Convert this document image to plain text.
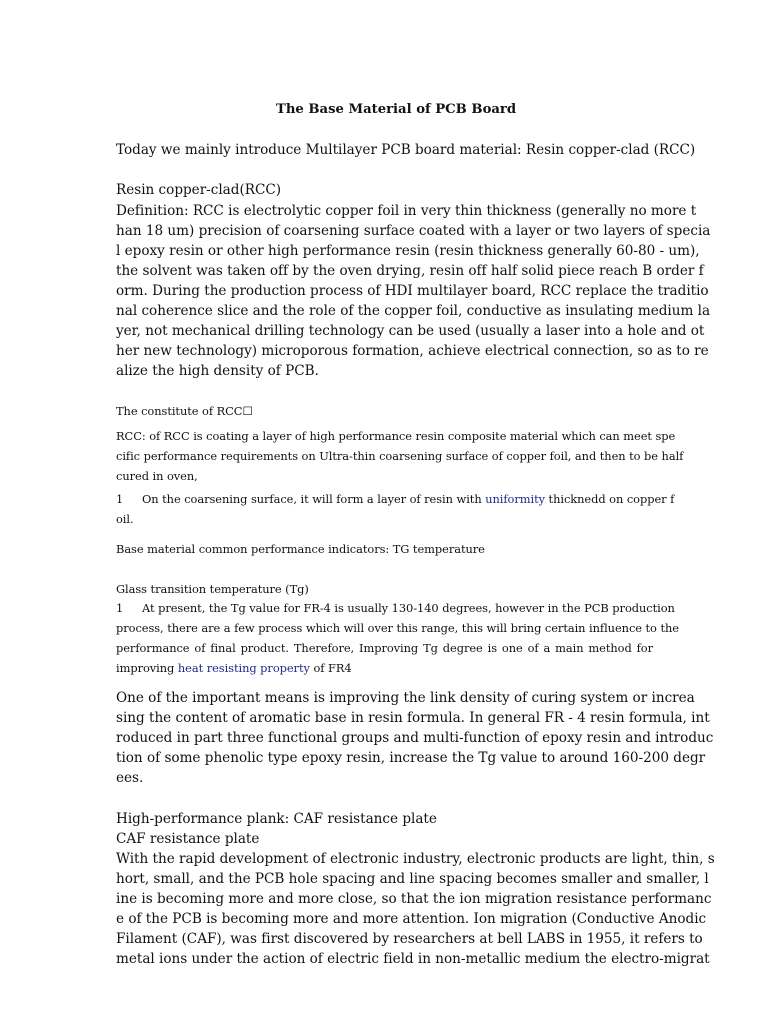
The Base Material of PCB Board
Today we mainly introduce Multilayer PCB board material: Resin copper-clad (RCC)
Resin copper-clad(RCC)
Definition: RCC is electrolytic copper foil in very thin thickness (generally no more t
han 18 um) precision of coarsening surface coated with a layer or two layers of specia
l epoxy resin or other high performance resin (resin thickness generally 60-80 - um),
the solvent was taken off by the oven drying, resin off half solid piece reach B order f
orm. During the production process of HDI multilayer board, RCC replace the traditio
nal coherence slice and the role of the copper foil, conductive as insulating medium la
yer, not mechanical drilling technology can be used (usually a laser into a hole and ot
her new technology) microporous formation, achieve electrical connection, so as to re
alize the high density of PCB.
The constitute of RCC☐
RCC: of RCC is coating a layer of high performance resin composite material which can meet spe
cific performance requirements on Ultra-thin coarsening surface of copper foil, and then to be half
cured in oven,
1 On the coarsening surface, it will form a layer of resin with uniformity thicknedd on copper f
oil.
Base material common performance indicators: TG temperature
Glass transition temperature (Tg)
1 At present, the Tg value for FR-4 is usually 130-140 degrees, however in the PCB production
process, there are a few process which will over this range, this will bring certain influence to the
performance of final product. Therefore, Improving Tg degree is one of a main method for
improving heat resisting property of FR4
One of the important means is improving the link density of curing system or increa
sing the content of aromatic base in resin formula. In general FR - 4 resin formula, int
roduced in part three functional groups and multi-function of epoxy resin and introduc
tion of some phenolic type epoxy resin, increase the Tg value to around 160-200 degr
ees.
High-performance plank: CAF resistance plate
CAF resistance plate
With the rapid development of electronic industry, electronic products are light, thin, s
hort, small, and the PCB hole spacing and line spacing becomes smaller and smaller, l
ine is becoming more and more close, so that the ion migration resistance performanc
e of the PCB is becoming more and more attention. Ion migration (Conductive Anodic
Filament (CAF), was first discovered by researchers at bell LABS in 1955, it refers to
metal ions under the action of electric field in non-metallic medium the electro-migrat
